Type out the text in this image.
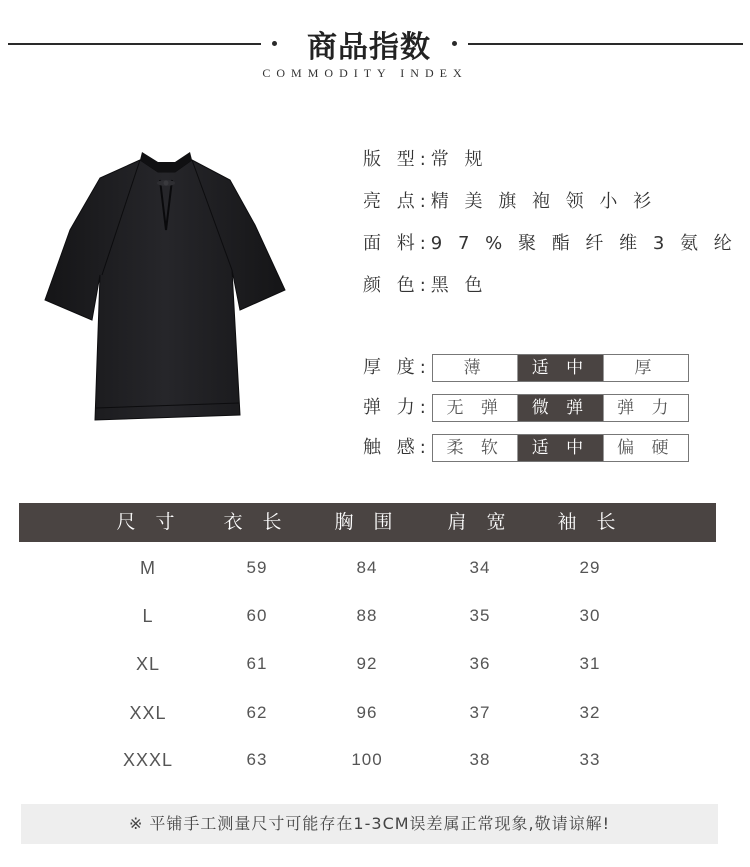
商品指数
COMMODITY INDEX
版 型:常 规
亮 点:精 美 旗 袍 领 小 衫
面 料:9 7 % 聚 酯 纤 维 3 氨 纶
颜 色:黑 色
厚 度:	薄	适 中	厚
弹 力: 无 弹	微 弹	弹 力
触 感: 柔 软	适 中	偏 硬
尺 寸	衣 长	胸 围	肩 宽	袖 长
M	59	84	34	29
L	60	88	35	30
XL	61	92	36	31
XXL	62	96	37	32
XXXL	63	100	38	33
※ 平铺手工测量尺寸可能存在1-3CM误差属正常现象,敬请谅解!
